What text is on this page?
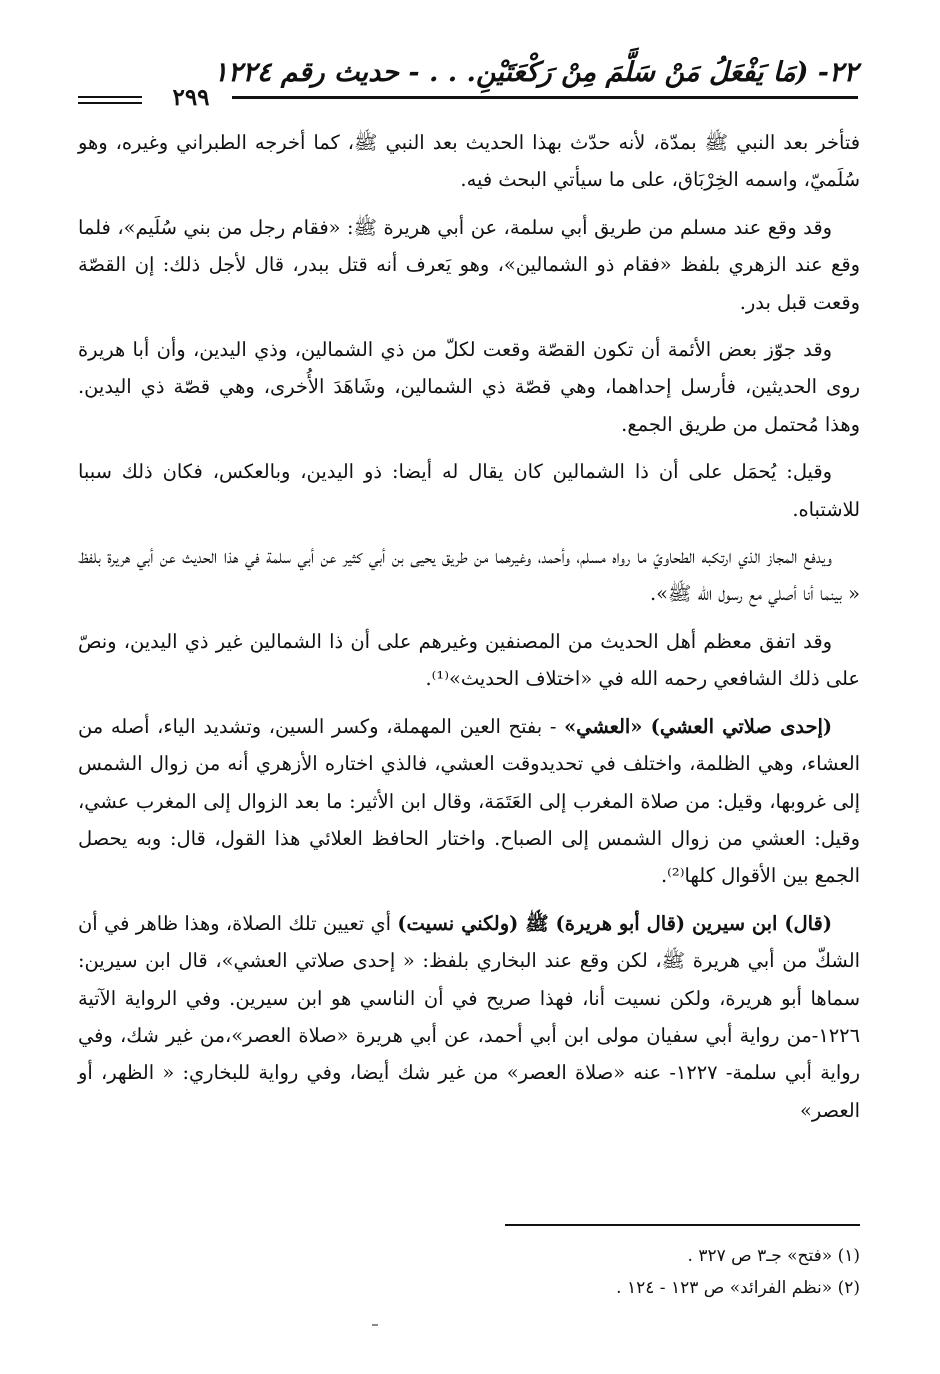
٢٢- (مَا يَفْعَلُ مَنْ سَلَّمَ مِنْ رَكْعَتَيْنِ. . . - حديث رقم ١٢٢٤
٢٩٩

فتأخر بعد النبي ﷺ بمدّة، لأنه حدّث بهذا الحديث بعد النبي ﷺ، كما أخرجه الطبراني وغيره، وهو سُلَميّ، واسمه الخِرْبَاق، على ما سيأتي البحث فيه.

وقد وقع عند مسلم من طريق أبي سلمة، عن أبي هريرة ﷺ: «فقام رجل من بني سُلَيم»، فلما وقع عند الزهري بلفظ «فقام ذو الشمالين»، وهو يَعرف أنه قتل ببدر، قال لأجل ذلك: إن القصّة وقعت قبل بدر.

وقد جوّز بعض الأئمة أن تكون القصّة وقعت لكلّ من ذي الشمالين، وذي اليدين، وأن أبا هريرة روى الحديثين، فأرسل إحداهما، وهي قصّة ذي الشمالين، وشَاهَدَ الأُخرى، وهي قصّة ذي اليدين. وهذا مُحتمل من طريق الجمع.

وقيل: يُحمَل على أن ذا الشمالين كان يقال له أيضا: ذو اليدين، وبالعكس، فكان ذلك سببا للاشتباه.

ويدفع المجاز الذي ارتكبه الطحاويّ ما رواه مسلم، وأحمد، وغيرهما من طريق يحيى بن أبي كثير عن أبي سلمة في هذا الحديث عن أبي هريرة بلفظ « بينما أنا أصلي مع رسول الله ﷺ».

وقد اتفق معظم أهل الحديث من المصنفين وغيرهم على أن ذا الشمالين غير ذي اليدين، ونصّ على ذلك الشافعي رحمه الله في «اختلاف الحديث»⁽¹⁾.

(إحدى صلاتي العشي) «العشي» - بفتح العين المهملة، وكسر السين، وتشديد الياء، أصله من العشاء، وهي الظلمة، واختلف في تحديدوقت العشي، فالذي اختاره الأزهري أنه من زوال الشمس إلى غروبها، وقيل: من صلاة المغرب إلى العَتَمَة، وقال ابن الأثير: ما بعد الزوال إلى المغرب عشي، وقيل: العشي من زوال الشمس إلى الصباح. واختار الحافظ العلائي هذا القول، قال: وبه يحصل الجمع بين الأقوال كلها⁽²⁾.

(قال) ابن سيرين (قال أبو هريرة) ﷺ (ولكني نسيت) أي تعيين تلك الصلاة، وهذا ظاهر في أن الشكّ من أبي هريرة ﷺ، لكن وقع عند البخاري بلفظ: « إحدى صلاتي العشي»، قال ابن سيرين: سماها أبو هريرة، ولكن نسيت أنا، فهذا صريح في أن الناسي هو ابن سيرين. وفي الرواية الآتية ١٢٢٦-من رواية أبي سفيان مولى ابن أبي أحمد، عن أبي هريرة «صلاة العصر»،من غير شك، وفي رواية أبي سلمة- ١٢٢٧- عنه «صلاة العصر» من غير شك أيضا، وفي رواية للبخاري: « الظهر، أو العصر»

(١) «فتح» جـ٣ ص ٣٢٧ .

(٢) «نظم الفرائد» ص ١٢٣ - ١٢٤ .
